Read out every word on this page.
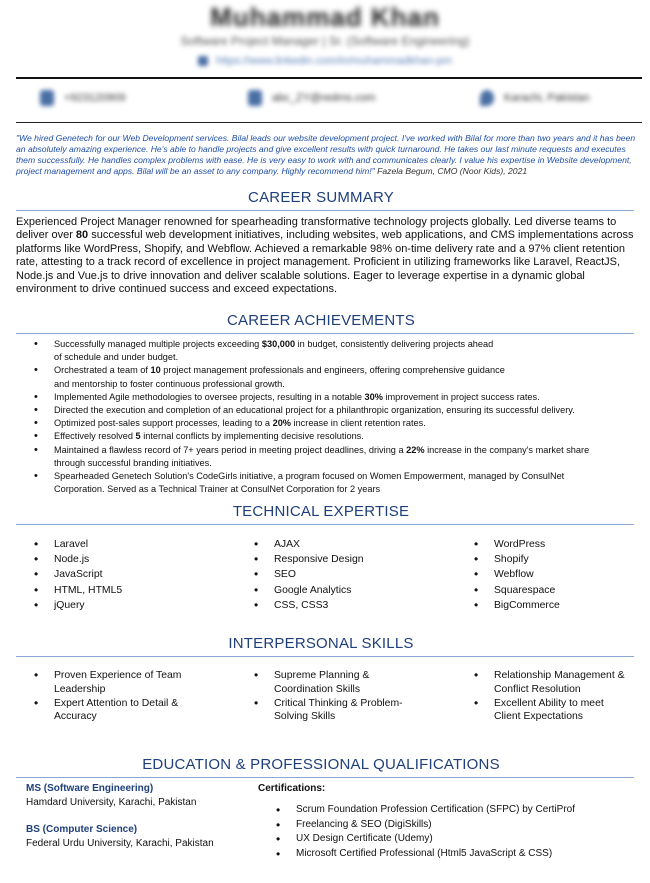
Muhammad Khan
Software Project Manager | Sr. (Software Engineering)
https://www.linkedin.com/in/muhammadkhan-pm
+923120909	abc_ZY@redms.com	Karachi, Pakistan
"We hired Genetech for our Web Development services. Bilal leads our website development project. I've worked with Bilal for more than two years and it has been an absolutely amazing experience. He's able to handle projects and give excellent results with quick turnaround. He takes our last minute requests and executes them successfully. He handles complex problems with ease. He is very easy to work with and communicates clearly. I value his expertise in Website development, project management and apps. Bilal will be an asset to any company. Highly recommend him!" Fazela Begum, CMO (Noor Kids), 2021
CAREER SUMMARY
Experienced Project Manager renowned for spearheading transformative technology projects globally. Led diverse teams to deliver over 80 successful web development initiatives, including websites, web applications, and CMS implementations across platforms like WordPress, Shopify, and Webflow. Achieved a remarkable 98% on-time delivery rate and a 97% client retention rate, attesting to a track record of excellence in project management. Proficient in utilizing frameworks like Laravel, ReactJS, Node.js and Vue.js to drive innovation and deliver scalable solutions. Eager to leverage expertise in a dynamic global environment to drive continued success and exceed expectations.
CAREER ACHIEVEMENTS
• Successfully managed multiple projects exceeding $30,000 in budget, consistently delivering projects ahead
of schedule and under budget.
• Orchestrated a team of 10 project management professionals and engineers, offering comprehensive guidance
and mentorship to foster continuous professional growth.
• Implemented Agile methodologies to oversee projects, resulting in a notable 30% improvement in project success rates.
• Directed the execution and completion of an educational project for a philanthropic organization, ensuring its successful delivery.
• Optimized post-sales support processes, leading to a 20% increase in client retention rates.
• Effectively resolved 5 internal conflicts by implementing decisive resolutions.
• Maintained a flawless record of 7+ years period in meeting project deadlines, driving a 22% increase in the company's market share
through successful branding initiatives.
• Spearheaded Genetech Solution's CodeGirls initiative, a program focused on Women Empowerment, managed by ConsulNet
Corporation. Served as a Technical Trainer at ConsulNet Corporation for 2 years
TECHNICAL EXPERTISE
• Laravel
• Node.js
• JavaScript
• HTML, HTML5
• jQuery
• AJAX
• Responsive Design
• SEO
• Google Analytics
• CSS, CSS3
• WordPress
• Shopify
• Webflow
• Squarespace
• BigCommerce
INTERPERSONAL SKILLS
• Proven Experience of Team
Leadership
• Expert Attention to Detail &
Accuracy
• Supreme Planning &
Coordination Skills
• Critical Thinking & Problem-
Solving Skills
• Relationship Management &
Conflict Resolution
• Excellent Ability to meet
Client Expectations
EDUCATION & PROFESSIONAL QUALIFICATIONS
MS (Software Engineering)
Hamdard University, Karachi, Pakistan
BS (Computer Science)
Federal Urdu University, Karachi, Pakistan
Certifications:
• Scrum Foundation Profession Certification (SFPC) by CertiProf
• Freelancing & SEO (DigiSkills)
• UX Design Certificate (Udemy)
• Microsoft Certified Professional (Html5 JavaScript & CSS)
